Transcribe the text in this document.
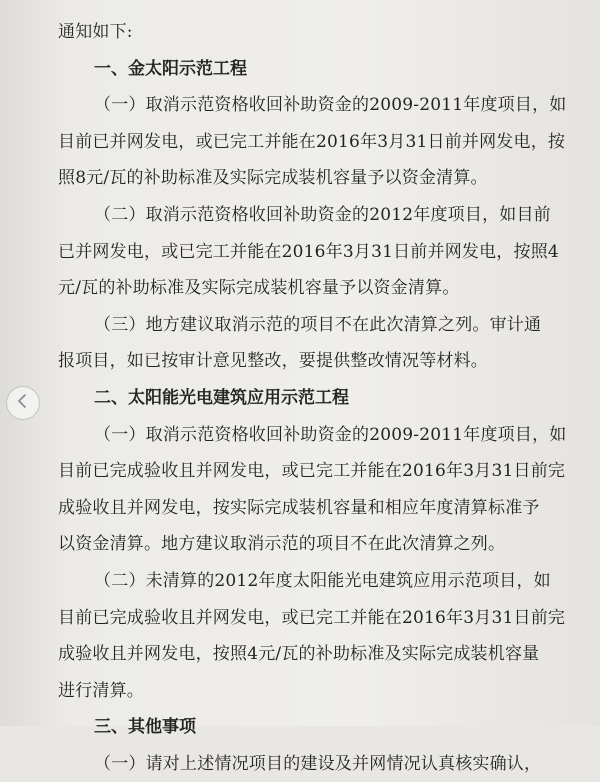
通知如下:
一、金太阳示范工程
（一）取消示范资格收回补助资金的2009-2011年度项目，如
目前已并网发电，或已完工并能在2016年3月31日前并网发电，按
照8元/瓦的补助标准及实际完成装机容量予以资金清算。
（二）取消示范资格收回补助资金的2012年度项目，如目前
已并网发电，或已完工并能在2016年3月31日前并网发电，按照4
元/瓦的补助标准及实际完成装机容量予以资金清算。
（三）地方建议取消示范的项目不在此次清算之列。审计通
报项目，如已按审计意见整改，要提供整改情况等材料。
二、太阳能光电建筑应用示范工程
（一）取消示范资格收回补助资金的2009-2011年度项目，如
目前已完成验收且并网发电，或已完工并能在2016年3月31日前完
成验收且并网发电，按实际完成装机容量和相应年度清算标准予
以资金清算。地方建议取消示范的项目不在此次清算之列。
（二）未清算的2012年度太阳能光电建筑应用示范项目，如
目前已完成验收且并网发电，或已完工并能在2016年3月31日前完
成验收且并网发电，按照4元/瓦的补助标准及实际完成装机容量
进行清算。
三、其他事项
（一）请对上述情况项目的建设及并网情况认真核实确认，
